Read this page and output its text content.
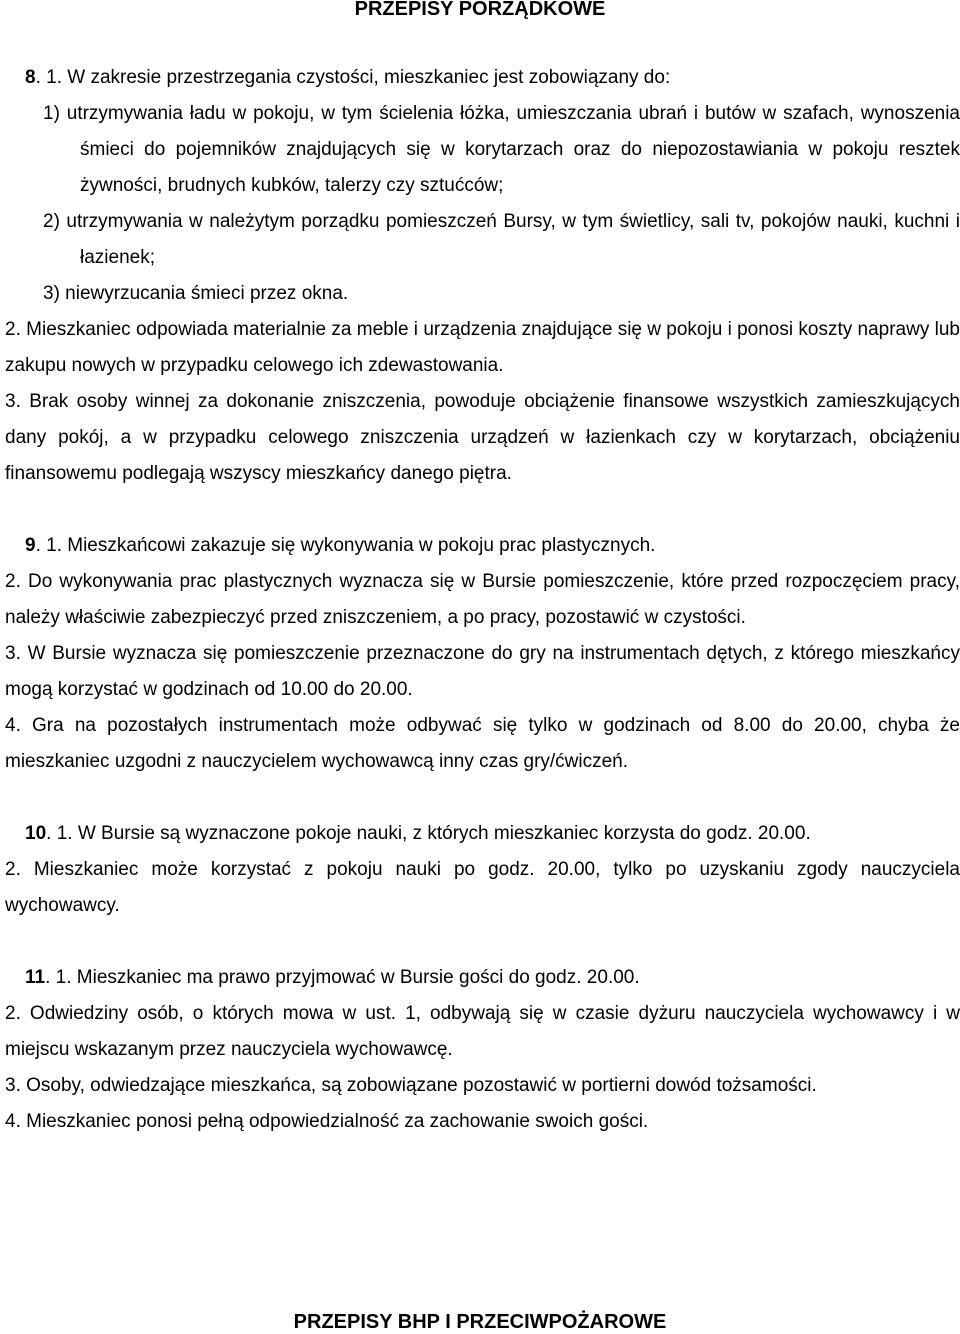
PRZEPISY PORZĄDKOWE

8. 1. W zakresie przestrzegania czystości, mieszkaniec jest zobowiązany do:

1) utrzymywania ładu w pokoju, w tym ścielenia łóżka, umieszczania ubrań i butów w szafach, wynoszenia śmieci do pojemników znajdujących się w korytarzach oraz do niepozostawiania w pokoju resztek żywności, brudnych kubków, talerzy czy sztućców;

2) utrzymywania w należytym porządku pomieszczeń Bursy, w tym świetlicy, sali tv, pokojów nauki, kuchni i łazienek;

3) niewyrzucania śmieci przez okna.

2. Mieszkaniec odpowiada materialnie za meble i urządzenia znajdujące się w pokoju i ponosi koszty naprawy lub zakupu nowych w przypadku celowego ich zdewastowania.

3. Brak osoby winnej za dokonanie zniszczenia, powoduje obciążenie finansowe wszystkich zamieszkujących dany pokój, a w przypadku celowego zniszczenia urządzeń w łazienkach czy w korytarzach, obciążeniu finansowemu podlegają wszyscy mieszkańcy danego piętra.

9. 1. Mieszkańcowi zakazuje się wykonywania w pokoju prac plastycznych.

2. Do wykonywania prac plastycznych wyznacza się w Bursie pomieszczenie, które przed rozpoczęciem pracy, należy właściwie zabezpieczyć przed zniszczeniem, a po pracy, pozostawić w czystości.

3. W Bursie wyznacza się pomieszczenie przeznaczone do gry na instrumentach dętych, z którego mieszkańcy mogą korzystać w godzinach od 10.00 do 20.00.

4. Gra na pozostałych instrumentach może odbywać się tylko w godzinach od 8.00 do 20.00, chyba że mieszkaniec uzgodni z nauczycielem wychowawcą inny czas gry/ćwiczeń.

10. 1. W Bursie są wyznaczone pokoje nauki, z których mieszkaniec korzysta do godz. 20.00.

2. Mieszkaniec może korzystać z pokoju nauki po godz. 20.00, tylko po uzyskaniu zgody nauczyciela wychowawcy.

11. 1. Mieszkaniec ma prawo przyjmować w Bursie gości do godz. 20.00.

2. Odwiedziny osób, o których mowa w ust. 1, odbywają się w czasie dyżuru nauczyciela wychowawcy i w miejscu wskazanym przez nauczyciela wychowawcę.

3. Osoby, odwiedzające mieszkańca, są zobowiązane pozostawić w portierni dowód tożsamości.

4. Mieszkaniec ponosi pełną odpowiedzialność za zachowanie swoich gości.

PRZEPISY BHP I PRZECIWPOŻAROWE
